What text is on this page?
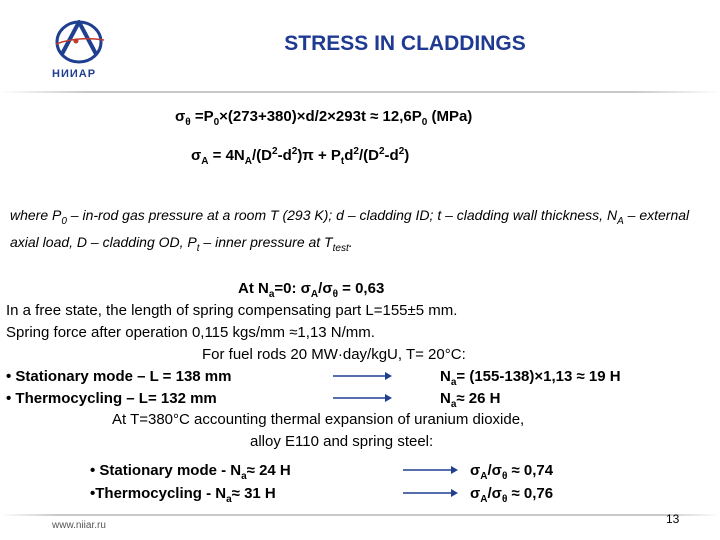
НИИАР
STRESS IN CLADDINGS
$\sigma_\theta =P_0\times(273+380)\times d/2\times 293t \approx 12,6P_0$ (MPa)
$\sigma_A = 4N_A/(D^2-d^2)\pi + P_td^2/(D^2-d^2)$
where $P_0 - in-rod$ gas pressure at a room T (293 K); d – cladding ID; t – cladding wall thickness, $N_A$ – external axial load, D – cladding OD, $P_t$ – inner pressure at $T_{test}$.
At $N_a=0$: $\sigma_A/\sigma_\theta = 0,63$
In a free state, the length of spring compensating part L=155±5 mm.
Spring force after operation 0,115 kgs/mm ≈1,13 N/mm.
For fuel rods 20 MW·day/kgU, T= 20°C:
• Stationary mode – L = 138 mm	$N_a= (155-138)\times 1,13 \approx 19$ H
• Thermocycling – L= 132 mm	$N_a\approx 26$ H
At T=380°C accounting thermal expansion of uranium dioxide,
alloy E110 and spring steel:
• Stationary mode - $N_a\approx 24$ H	$\sigma_A/\sigma_\theta \approx 0,74$
•Thermocycling - $N_a\approx 31$ H	$\sigma_A/\sigma_\theta \approx 0,76$
www.niiar.ru	13
